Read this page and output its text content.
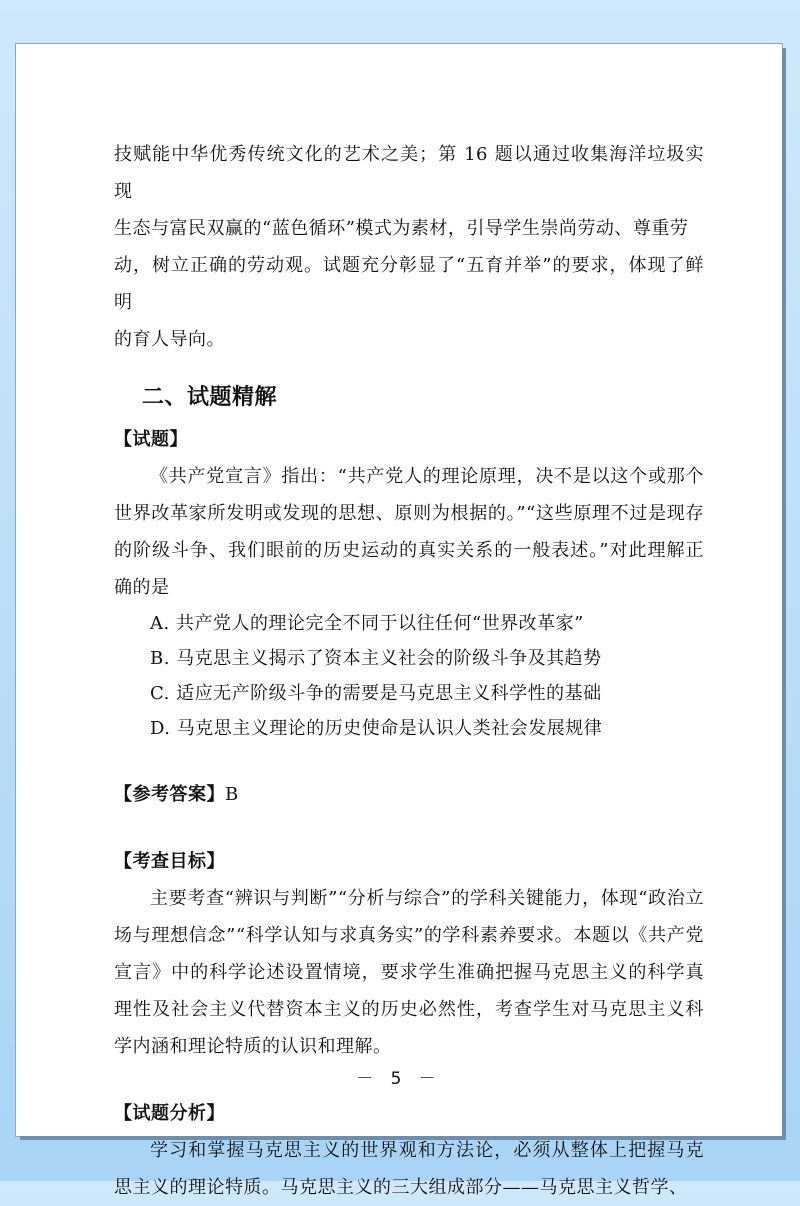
技赋能中华优秀传统文化的艺术之美；第 16 题以通过收集海洋垃圾实现

生态与富民双赢的“蓝色循环”模式为素材，引导学生崇尚劳动、尊重劳

动，树立正确的劳动观。试题充分彰显了“五育并举”的要求，体现了鲜明

的育人导向。

二、试题精解

【试题】

《共产党宣言》指出：“共产党人的理论原理，决不是以这个或那个世界改革家所发明或发现的思想、原则为根据的。”“这些原理不过是现存的阶级斗争、我们眼前的历史运动的真实关系的一般表述。”对此理解正确的是

A. 共产党人的理论完全不同于以往任何“世界改革家”

B. 马克思主义揭示了资本主义社会的阶级斗争及其趋势

C. 适应无产阶级斗争的需要是马克思主义科学性的基础

D. 马克思主义理论的历史使命是认识人类社会发展规律

【参考答案】B

【考查目标】

主要考查“辨识与判断”“分析与综合”的学科关键能力，体现“政治立场与理想信念”“科学认知与求真务实”的学科素养要求。本题以《共产党宣言》中的科学论述设置情境，要求学生准确把握马克思主义的科学真理性及社会主义代替资本主义的历史必然性，考查学生对马克思主义科学内涵和理论特质的认识和理解。

【试题分析】

学习和掌握马克思主义的世界观和方法论，必须从整体上把握马克思主义的理论特质。马克思主义的三大组成部分——马克思主义哲学、

－ 5 －
